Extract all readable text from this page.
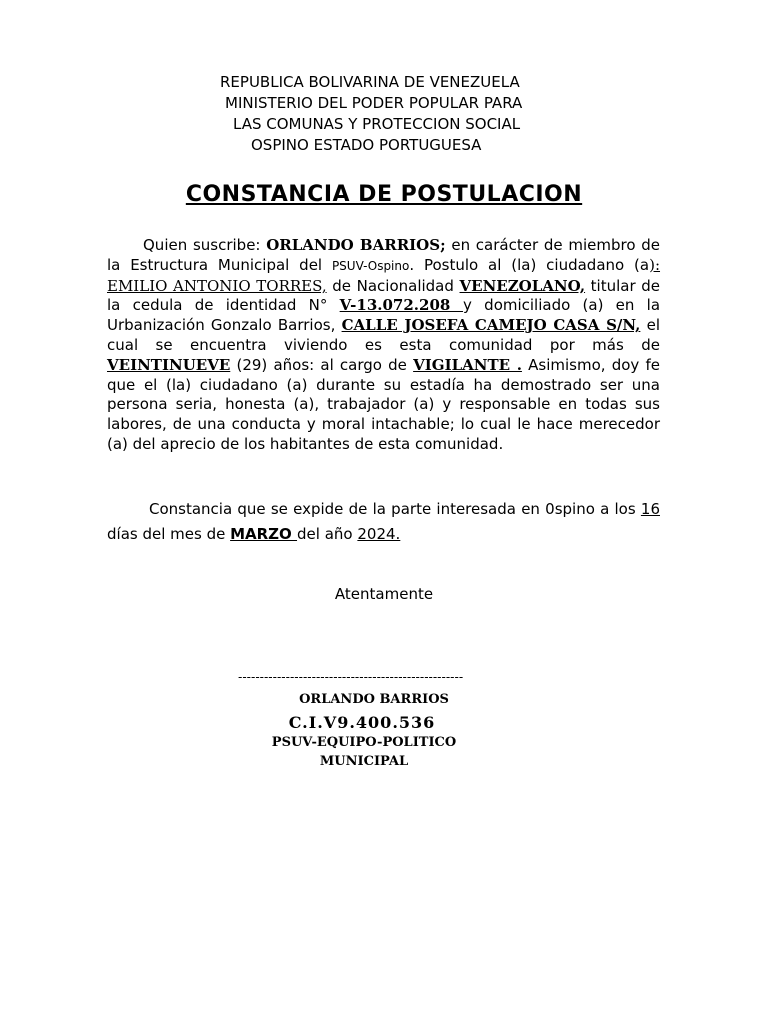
REPUBLICA BOLIVARINA DE VENEZUELA
MINISTERIO DEL PODER POPULAR PARA
LAS COMUNAS Y PROTECCION SOCIAL
OSPINO ESTADO PORTUGUESA
CONSTANCIA DE POSTULACION

Quien suscribe: ORLANDO BARRIOS; en carácter de miembro de la Estructura Municipal del PSUV-Ospino. Postulo al (la) ciudadano (a): EMILIO ANTONIO TORRES, de Nacionalidad VENEZOLANO, titular de la cedula de identidad N° V-13.072.208 y domiciliado (a) en la Urbanización Gonzalo Barrios, CALLE JOSEFA CAMEJO CASA S/N, el cual se encuentra viviendo es esta comunidad por más de VEINTINUEVE (29) años: al cargo de VIGILANTE . Asimismo, doy fe que el (la) ciudadano (a) durante su estadía ha demostrado ser una persona seria, honesta (a), trabajador (a) y responsable en todas sus labores, de una conducta y moral intachable; lo cual le hace merecedor (a) del aprecio de los habitantes de esta comunidad.

Constancia que se expide de la parte interesada en 0spino a los 16 días del mes de MARZO del año 2024.
Atentamente
----------------------------------------------------
ORLANDO BARRIOS
C.I.V9.400.536
PSUV-EQUIPO-POLITICO
MUNICIPAL
